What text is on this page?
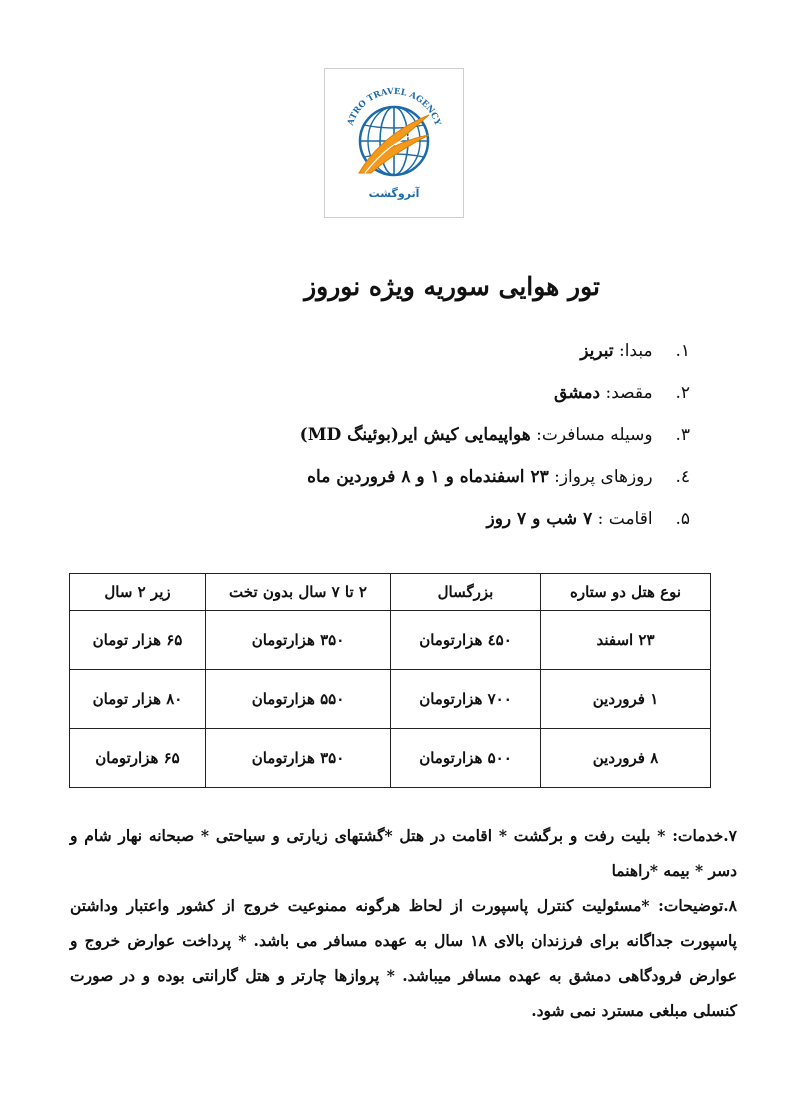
ATRO TRAVEL AGENCY
آتروگشت
تور هوایی سوریه ویژه نوروز
۱. مبدا: تبریز
۲. مقصد: دمشق
۳. وسیله مسافرت: هواپیمایی کیش ایر(بوئینگ MD)
٤. روزهای پرواز: ۲۳ اسفندماه و ۱ و ۸ فروردین ماه
۵. اقامت : ۷ شب و ۷ روز
نوع هتل دو ستاره	بزرگسال	۲ تا ۷ سال بدون تخت	زیر ۲ سال
۲۳ اسفند	٤۵۰ هزارتومان	۳۵۰ هزارتومان	۶۵ هزار تومان
۱ فروردین	۷۰۰ هزارتومان	۵۵۰ هزارتومان	۸۰ هزار تومان
۸ فروردین	۵۰۰ هزارتومان	۳۵۰ هزارتومان	۶۵ هزارتومان

۷.خدمات: * بلیت رفت و برگشت * اقامت در هتل *گشتهای زیارتی و سیاحتی * صبحانه نهار شام و دسر * بیمه *راهنما

۸.توضیحات: *مسئولیت کنترل پاسپورت از لحاظ هرگونه ممنوعیت خروج از کشور واعتبار وداشتن پاسپورت جداگانه برای فرزندان بالای ۱۸ سال به عهده مسافر می باشد. * پرداخت عوارض خروج و عوارض فرودگاهی دمشق به عهده مسافر میباشد. * پروازها چارتر و هتل گارانتی بوده و در صورت کنسلی مبلغی مسترد نمی شود.
